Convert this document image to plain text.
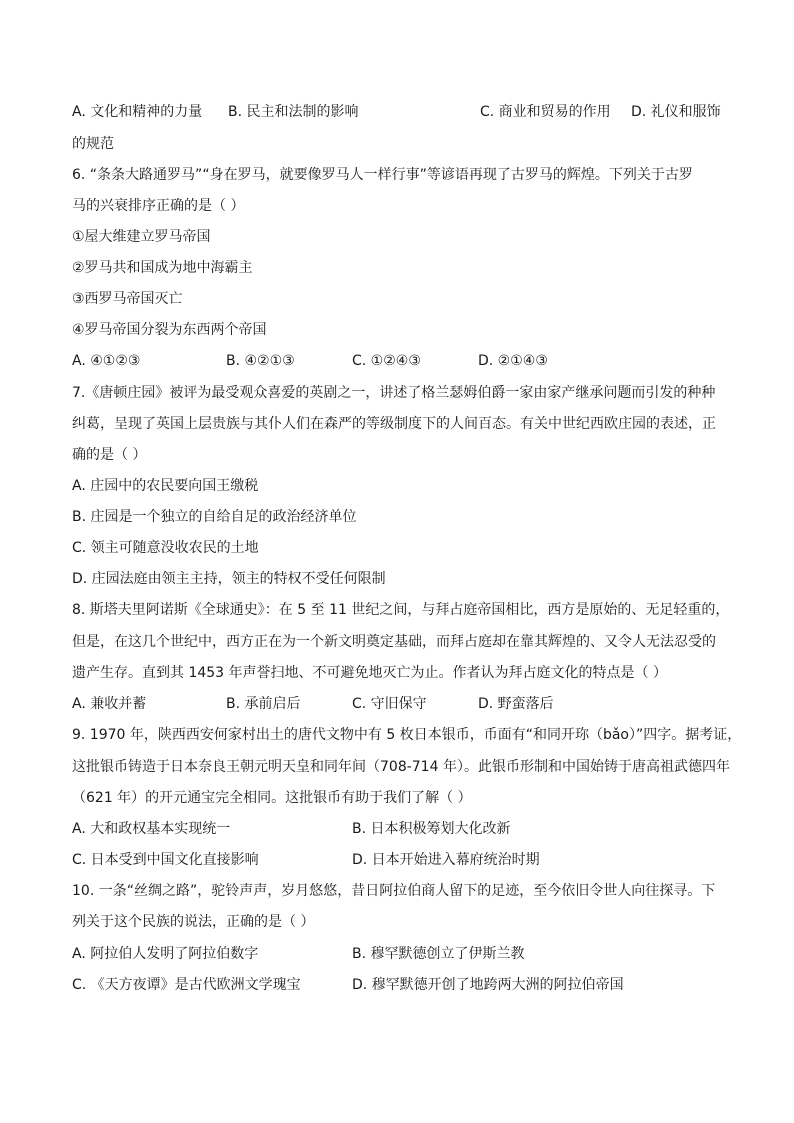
A. 文化和精神的力量 B. 民主和法制的影响	C. 商业和贸易的作用 D. 礼仪和服饰
的规范
6. “条条大路通罗马”“身在罗马，就要像罗马人一样行事”等谚语再现了古罗马的辉煌。下列关于古罗
马的兴衰排序正确的是（ ）
①屋大维建立罗马帝国
②罗马共和国成为地中海霸主
③西罗马帝国灭亡
④罗马帝国分裂为东西两个帝国
A. ④①②③	B. ④②①③	C. ①②④③	D. ②①④③
7.《唐顿庄园》被评为最受观众喜爱的英剧之一，讲述了格兰瑟姆伯爵一家由家产继承问题而引发的种种
纠葛，呈现了英国上层贵族与其仆人们在森严的等级制度下的人间百态。有关中世纪西欧庄园的表述，正
确的是（ ）
A. 庄园中的农民要向国王缴税
B. 庄园是一个独立的自给自足的政治经济单位
C. 领主可随意没收农民的土地
D. 庄园法庭由领主主持，领主的特权不受任何限制
8. 斯塔夫里阿诺斯《全球通史》：在 5 至 11 世纪之间，与拜占庭帝国相比，西方是原始的、无足轻重的，
但是，在这几个世纪中，西方正在为一个新文明奠定基础，而拜占庭却在靠其辉煌的、又令人无法忍受的
遗产生存。直到其 1453 年声誉扫地、不可避免地灭亡为止。作者认为拜占庭文化的特点是（ ）
A. 兼收并蓄	B. 承前启后	C. 守旧保守	D. 野蛮落后
9. 1970 年，陕西西安何家村出土的唐代文物中有 5 枚日本银币，币面有“和同开珎（bǎo）”四字。据考证，
这批银币铸造于日本奈良王朝元明天皇和同年间（708-714 年）。此银币形制和中国始铸于唐高祖武德四年
（621 年）的开元通宝完全相同。这批银币有助于我们了解（ ）
A. 大和政权基本实现统一	B. 日本积极筹划大化改新
C. 日本受到中国文化直接影响	D. 日本开始进入幕府统治时期
10. 一条“丝绸之路”，驼铃声声，岁月悠悠，昔日阿拉伯商人留下的足迹，至今依旧令世人向往探寻。下
列关于这个民族的说法，正确的是（ ）
A. 阿拉伯人发明了阿拉伯数字	B. 穆罕默德创立了伊斯兰教
C. 《天方夜谭》是古代欧洲文学瑰宝	D. 穆罕默德开创了地跨两大洲的阿拉伯帝国
